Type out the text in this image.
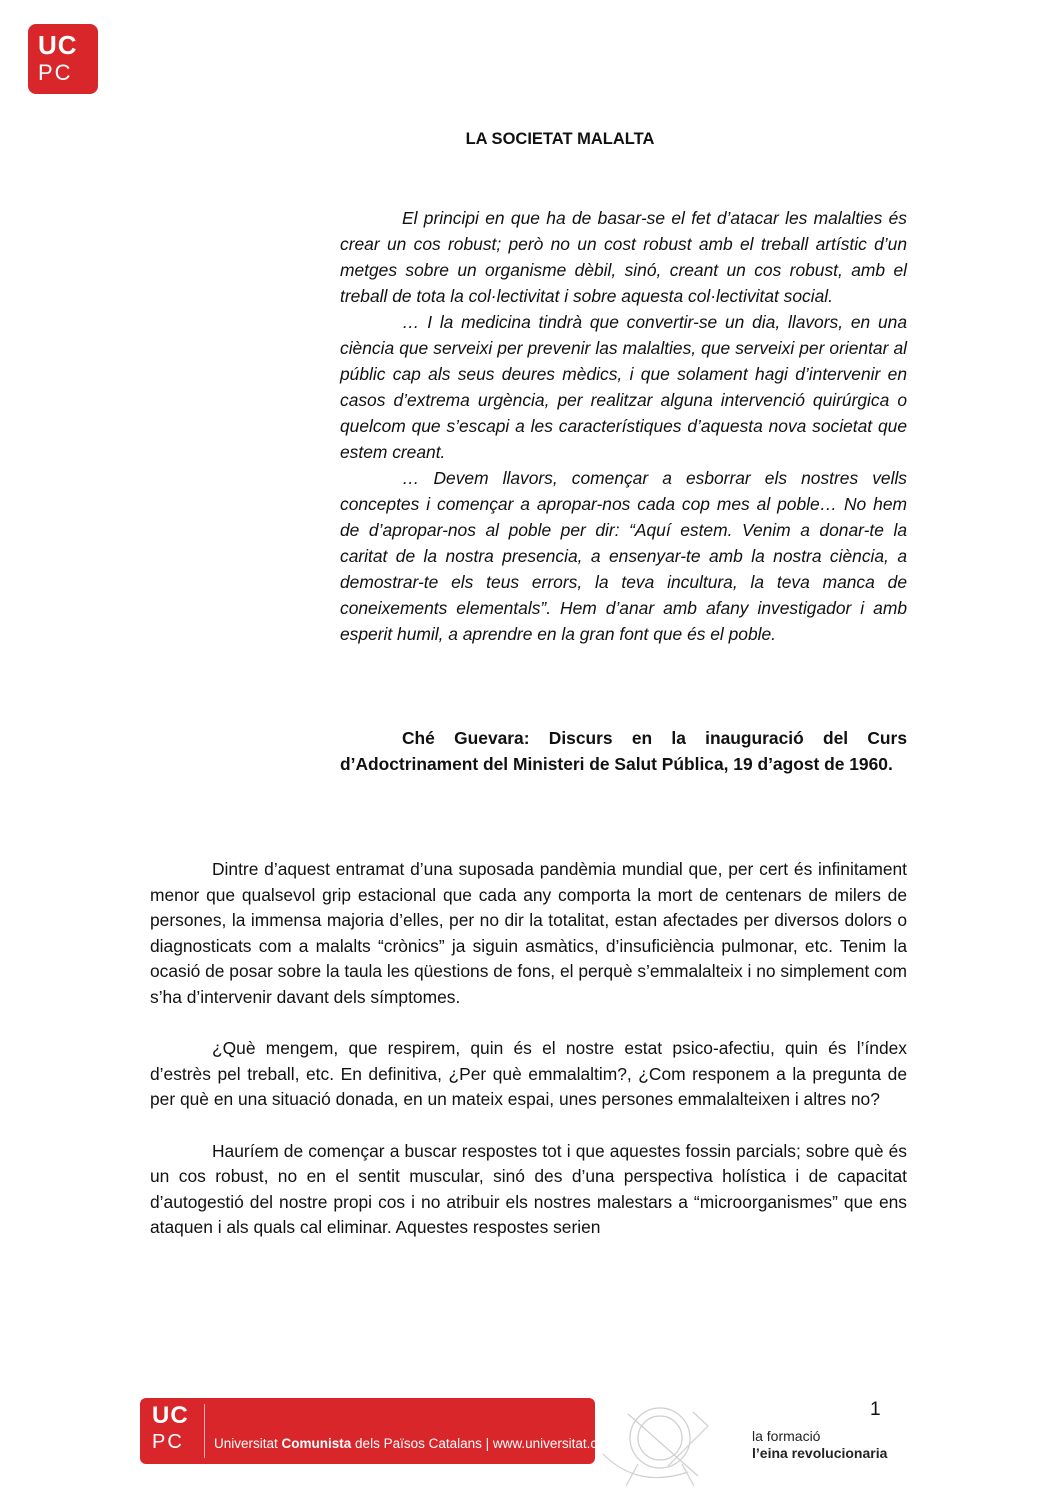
UC
PC
LA SOCIETAT MALALTA

El principi en que ha de basar-se el fet d’atacar les malalties és crear un cos robust; però no un cost robust amb el treball artístic d’un metges sobre un organisme dèbil, sinó, creant un cos robust, amb el treball de tota la col·lectivitat i sobre aquesta col·lectivitat social.

… I la medicina tindrà que convertir-se un dia, llavors, en una ciència que serveixi per prevenir las malalties, que serveixi per orientar al públic cap als seus deures mèdics, i que solament hagi d’intervenir en casos d’extrema urgència, per realitzar alguna intervenció quirúrgica o quelcom que s’escapi a les característiques d’aquesta nova societat que estem creant.

… Devem llavors, començar a esborrar els nostres vells conceptes i començar a apropar-nos cada cop mes al poble… No hem de d’apropar-nos al poble per dir: “Aquí estem. Venim a donar-te la caritat de la nostra presencia, a ensenyar-te amb la nostra ciència, a demostrar-te els teus errors, la teva incultura, la teva manca de coneixements elementals”. Hem d’anar amb afany investigador i amb esperit humil, a aprendre en la gran font que és el poble.

Ché Guevara: Discurs en la inauguració del Curs d’Adoctrinament del Ministeri de Salut Pública, 19 d’agost de 1960.

Dintre d’aquest entramat d’una suposada pandèmia mundial que, per cert és infinitament menor que qualsevol grip estacional que cada any comporta la mort de centenars de milers de persones, la immensa majoria d’elles, per no dir la totalitat, estan afectades per diversos dolors o diagnosticats com a malalts “crònics” ja siguin asmàtics, d’insuficiència pulmonar, etc. Tenim la ocasió de posar sobre la taula les qüestions de fons, el perquè s’emmalalteix i no simplement com s’ha d’intervenir davant dels símptomes.

¿Què mengem, que respirem, quin és el nostre estat psico-afectiu, quin és l’índex d’estrès pel treball, etc. En definitiva, ¿Per què emmalaltim?, ¿Com responem a la pregunta de per què en una situació donada, en un mateix espai, unes persones emmalalteixen i altres no?

Hauríem de començar a buscar respostes tot i que aquestes fossin parcials; sobre què és un cos robust, no en el sentit muscular, sinó des d’una perspectiva holística i de capacitat d’autogestió del nostre propi cos i no atribuir els nostres malestars a “microorganismes” que ens ataquen i als quals cal eliminar. Aquestes respostes serien

1
UC
PC Universitat Comunista dels Països Catalans | www.universitat.cat	la formació
l’eina revolucionaria
